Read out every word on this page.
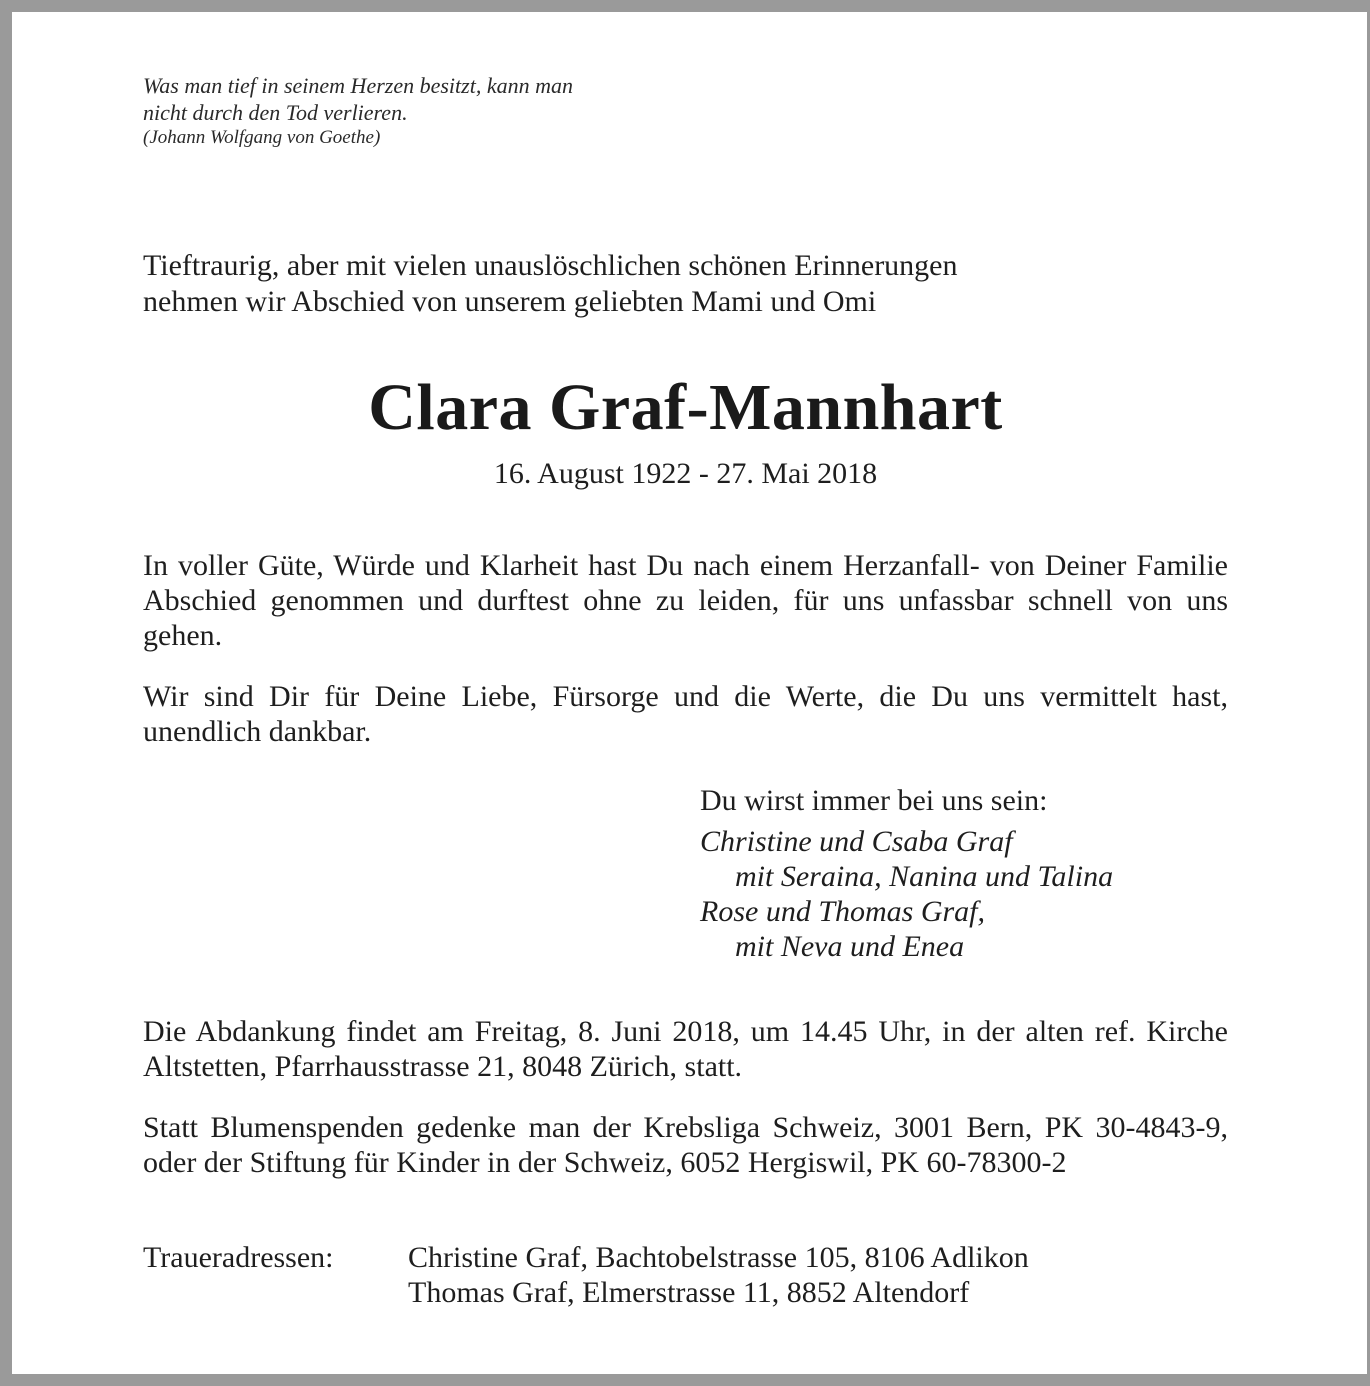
Was man tief in seinem Herzen besitzt, kann man
nicht durch den Tod verlieren.
(Johann Wolfgang von Goethe)
Tieftraurig, aber mit vielen unauslöschlichen schönen Erinnerungen
nehmen wir Abschied von unserem geliebten Mami und Omi
Clara Graf-Mannhart
16. August 1922 - 27. Mai 2018
In voller Güte, Würde und Klarheit hast Du nach einem Herzanfall- von Deiner Familie Abschied genommen und durftest ohne zu leiden, für uns unfassbar schnell von uns gehen.
Wir sind Dir für Deine Liebe, Fürsorge und die Werte, die Du uns vermittelt hast, unendlich dankbar.
Du wirst immer bei uns sein:
Christine und Csaba Graf
mit Seraina, Nanina und Talina
Rose und Thomas Graf,
mit Neva und Enea
Die Abdankung findet am Freitag, 8. Juni 2018, um 14.45 Uhr, in der alten ref. Kirche Altstetten, Pfarrhausstrasse 21, 8048 Zürich, statt.
Statt Blumenspenden gedenke man der Krebsliga Schweiz, 3001 Bern, PK 30-4843-9, oder der Stiftung für Kinder in der Schweiz, 6052 Hergiswil, PK 60-78300-2
Traueradressen:	Christine Graf, Bachtobelstrasse 105, 8106 Adlikon
Thomas Graf, Elmerstrasse 11, 8852 Altendorf
